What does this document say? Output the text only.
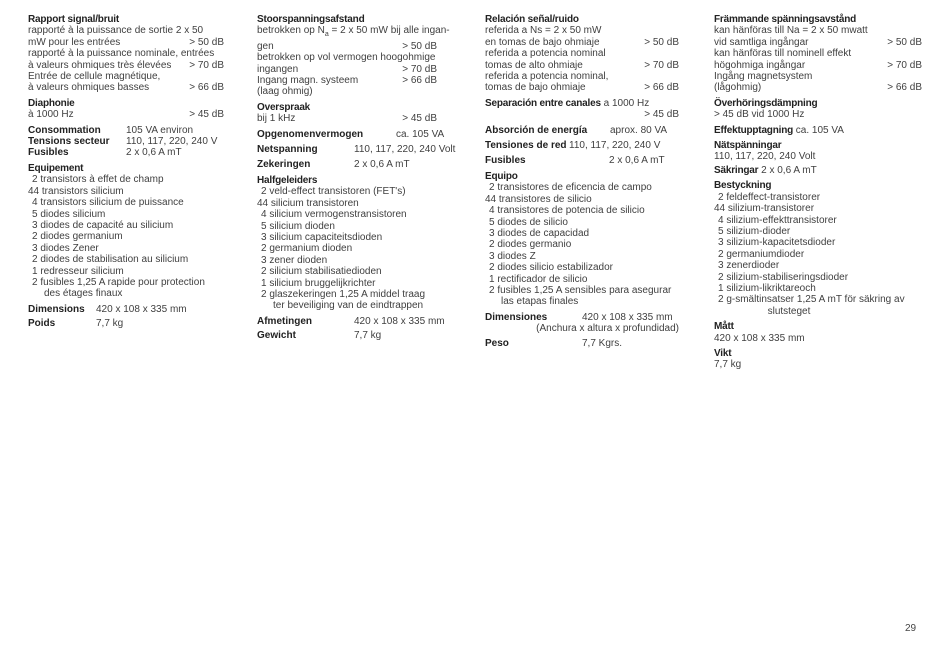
Rapport signal/bruit
rapporté à la puissance de sortie 2 x 50
mW pour les entrées	> 50 dB
rapporté à la puissance nominale, entrées
à valeurs ohmiques très élevées > 70 dB
Entrée de cellule magnétique,
à valeurs ohmiques basses	> 66 dB
Diaphonie
à 1000 Hz	> 45 dB
Consommation	105 VA environ
Tensions secteur	110, 117, 220, 240 V
Fusibles	2 x 0,6 A mT
Equipement
2 transistors à effet de champ
44 transistors silicium
4 transistors silicium de puissance
5 diodes silicium
3 diodes de capacité au silicium
2 diodes germanium
3 diodes Zener
2 diodes de stabilisation au silicium
1 redresseur silicium
2 fusibles 1,25 A rapide pour protection
des étages finaux
Dimensions	420 x 108 x 335 mm
Poids	7,7 kg
Stoorspanningsafstand
betrokken op $N_a = 2$ x 50 mW bij alle ingan-
gen	> 50 dB
betrokken op vol vermogen hoogohmige
ingangen	> 70 dB
Ingang magn. systeem	> 66 dB
(laag ohmig)
Overspraak
bij 1 kHz	> 45 dB
Opgenomenvermogen	ca. 105 VA
Netspanning	110, 117, 220, 240 Volt
Zekeringen	2 x 0,6 A mT
Halfgeleiders
2 veld-effect transistoren (FET's)
44 silicium transistoren
4 silicium vermogenstransistoren
5 silicium dioden
3 silicium capaciteitsdioden
2 germanium dioden
3 zener dioden
2 silicium stabilisatiedioden
1 silicium bruggelijkrichter
2 glaszekeringen 1,25 A middel traag
ter beveiliging van de eindtrappen
Afmetingen	420 x 108 x 335 mm
Gewicht	7,7 kg
Relación señal/ruido
referida a Ns = 2 x 50 mW
en tomas de bajo ohmiaje	> 50 dB
referida a potencia nominal
tomas de alto ohmiaje	> 70 dB
referida a potencia nominal,
tomas de bajo ohmiaje	> 66 dB
Separación entre canales a 1000 Hz
> 45 dB
Absorción de energía	aprox. 80 VA
Tensiones de red 110, 117, 220, 240 V
Fusibles	2 x 0,6 A mT
Equipo
2 transistores de eficencia de campo
44 transistores de silicio
4 transistores de potencia de silicio
5 diodes de silicio
3 diodes de capacidad
2 diodes germanio
3 diodes Z
2 diodes silicio estabilizador
1 rectificador de silicio
2 fusibles 1,25 A sensibles para asegurar
las etapas finales
Dimensiones	420 x 108 x 335 mm
(Anchura x altura x profundidad)
Peso	7,7 Kgrs.
Främmande spänningsavstånd
kan hänföras till Na = 2 x 50 mwatt
vid samtliga ingångar	> 50 dB
kan hänföras till nominell effekt
högohmiga ingångar	> 70 dB
Ingång magnetsystem
(lågohmig)	> 66 dB
Överhöringsdämpning
> 45 dB vid 1000 Hz
Effektupptagning ca. 105 VA
Nätspänningar
110, 117, 220, 240 Volt
Säkringar 2 x 0,6 A mT
Bestyckning
2 feldeffect-transistorer
44 silizium-transistorer
4 silizium-effekttransistorer
5 silizium-dioder
3 silizium-kapacitetsdioder
2 germaniumdioder
3 zenerdioder
2 silizium-stabiliseringsdioder
1 silizium-likriktareoch
2 g-smältinsatser 1,25 A mT för säkring av
slutsteget
Mått
420 x 108 x 335 mm
Vikt
7,7 kg
29
